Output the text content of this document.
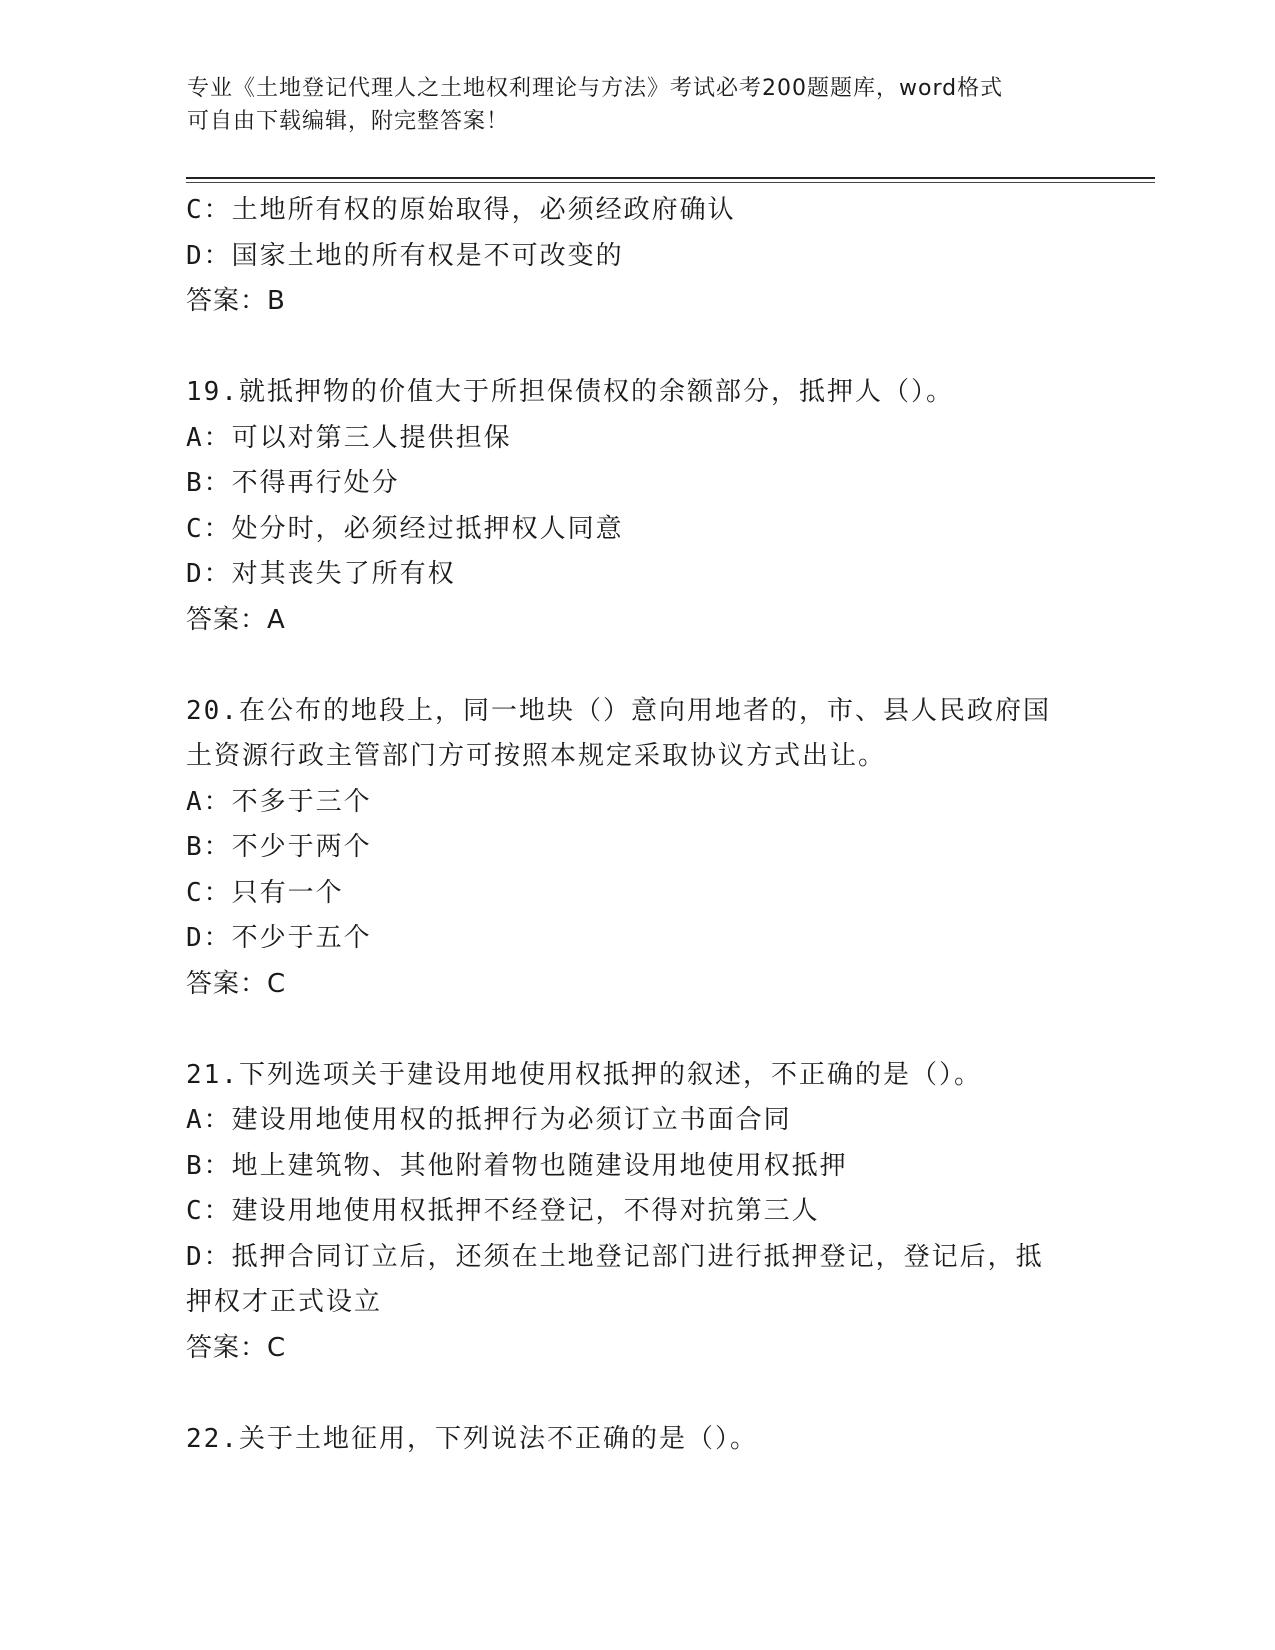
专业《土地登记代理人之土地权利理论与方法》考试必考200题题库，word格式
可自由下载编辑，附完整答案！
C：土地所有权的原始取得，必须经政府确认
D：国家土地的所有权是不可改变的
答案：B
19.就抵押物的价值大于所担保债权的余额部分，抵押人（）。
A：可以对第三人提供担保
B：不得再行处分
C：处分时，必须经过抵押权人同意
D：对其丧失了所有权
答案：A
20.在公布的地段上，同一地块（）意向用地者的，市、县人民政府国
土资源行政主管部门方可按照本规定采取协议方式出让。
A：不多于三个
B：不少于两个
C：只有一个
D：不少于五个
答案：C
21.下列选项关于建设用地使用权抵押的叙述，不正确的是（）。
A：建设用地使用权的抵押行为必须订立书面合同
B：地上建筑物、其他附着物也随建设用地使用权抵押
C：建设用地使用权抵押不经登记，不得对抗第三人
D：抵押合同订立后，还须在土地登记部门进行抵押登记，登记后，抵
押权才正式设立
答案：C
22.关于土地征用，下列说法不正确的是（）。
